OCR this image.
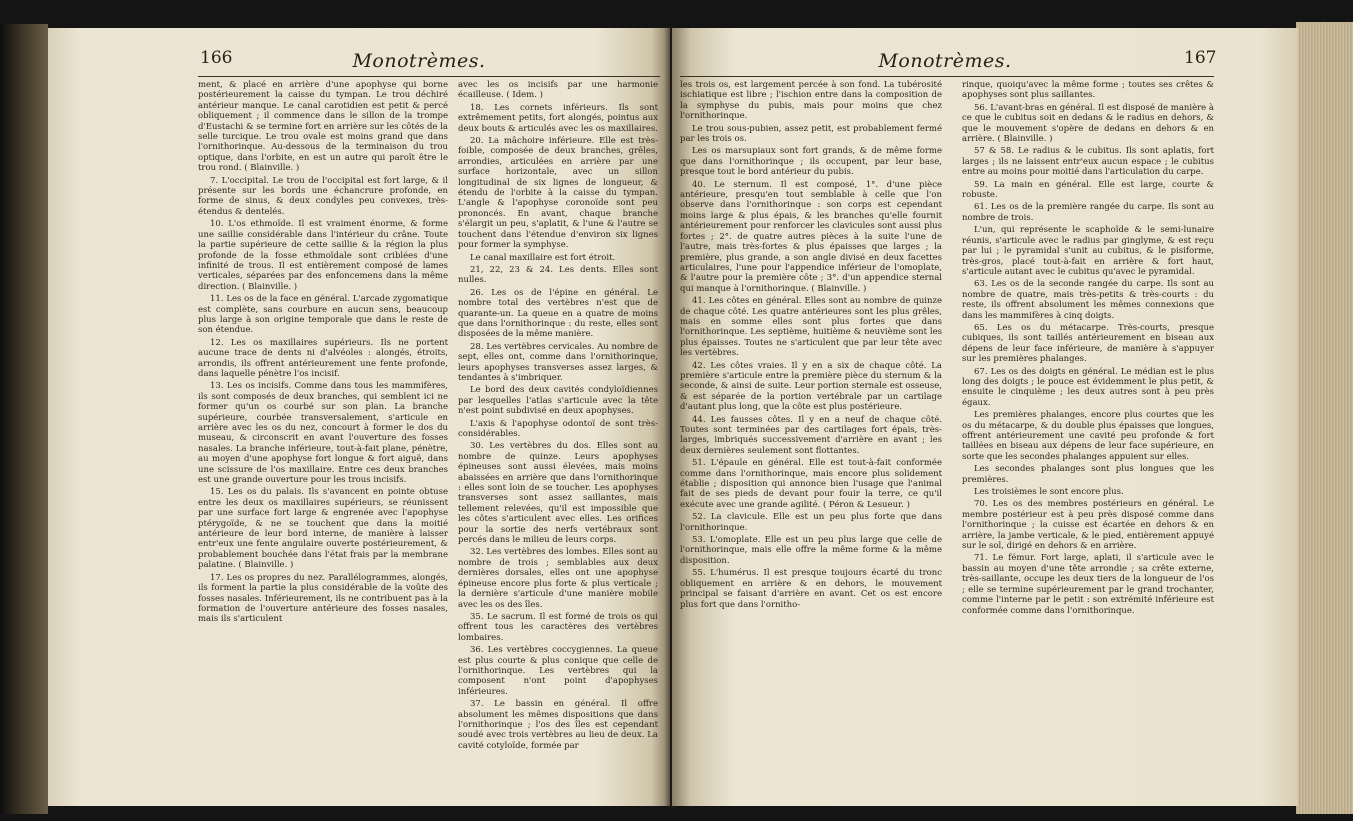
166	Monotrèmes.

ment, & placé en arrière d'une apophyse qui borne postérieurement la caisse du tympan. Le trou déchiré antérieur manque. Le canal carotidien est petit & percé obliquement ; il commence dans le sillon de la trompe d'Eustachi & se termine fort en arrière sur les côtés de la selle turcique. Le trou ovale est moins grand que dans l'ornithorinque. Au-dessous de la terminaison du trou optique, dans l'orbite, en est un autre qui paroît être le trou rond. ( Blainville. )

7. L'occipital. Le trou de l'occipital est fort large, & il présente sur les bords une échancrure profonde, en forme de sinus, & deux condyles peu convexes, très-étendus & dentelés.

10. L'os ethmoïde. Il est vraiment énorme, & forme une saillie considérable dans l'intérieur du crâne. Toute la partie supérieure de cette saillie & la région la plus profonde de la fosse ethmoïdale sont criblées d'une infinité de trous. Il est entièrement composé de lames verticales, séparées par des enfoncemens dans la même direction. ( Blainville. )

11. Les os de la face en général. L'arcade zygomatique est complète, sans courbure en aucun sens, beaucoup plus large à son origine temporale que dans le reste de son étendue.

12. Les os maxillaires supérieurs. Ils ne portent aucune trace de dents ni d'alvéoles : alongés, étroits, arrondis, ils offrent antérieurement une fente profonde, dans laquelle pénètre l'os incisif.

13. Les os incisifs. Comme dans tous les mammifères, ils sont composés de deux branches, qui semblent ici ne former qu'un os courbé sur son plan. La branche supérieure, courbée transversalement, s'articule en arrière avec les os du nez, concourt à former le dos du museau, & circonscrit en avant l'ouverture des fosses nasales. La branche inférieure, tout-à-fait plane, pénètre, au moyen d'une apophyse fort longue & fort aiguë, dans une scissure de l'os maxillaire. Entre ces deux branches est une grande ouverture pour les trous incisifs.

15. Les os du palais. Ils s'avancent en pointe obtuse entre les deux os maxillaires supérieurs, se réunissent par une surface fort large & engrenée avec l'apophyse ptérygoïde, & ne se touchent que dans la moitié antérieure de leur bord interne, de manière à laisser entr'eux une fente angulaire ouverte postérieurement, & probablement bouchée dans l'état frais par la membrane palatine. ( Blainville. )

17. Les os propres du nez. Parallélogrammes, alongés, ils forment la partie la plus considérable de la voûte des fosses nasales. Inférieurement, ils ne contribuent pas à la formation de l'ouverture antérieure des fosses nasales, mais ils s'articulent

avec les os incisifs par une harmonie écailleuse. ( Idem. )

18. Les cornets inférieurs. Ils sont extrêmement petits, fort alongés, pointus aux deux bouts & articulés avec les os maxillaires.

20. La mâchoire inférieure. Elle est très-foible, composée de deux branches, grêles, arrondies, articulées en arrière par une surface horizontale, avec un sillon longitudinal de six lignes de longueur, & étendu de l'orbite à la caisse du tympan. L'angle & l'apophyse coronoïde sont peu prononcés. En avant, chaque branche s'élargit un peu, s'aplatit, & l'une & l'autre se touchent dans l'étendue d'environ six lignes pour former la symphyse.

Le canal maxillaire est fort étroit.

21, 22, 23 & 24. Les dents. Elles sont nulles.

26. Les os de l'épine en général. Le nombre total des vertèbres n'est que de quarante-un. La queue en a quatre de moins que dans l'ornithorinque : du reste, elles sont disposées de la même manière.

28. Les vertèbres cervicales. Au nombre de sept, elles ont, comme dans l'ornithorinque, leurs apophyses transverses assez larges, & tendantes à s'imbriquer.

Le bord des deux cavités condyloïdiennes par lesquelles l'atlas s'articule avec la tête n'est point subdivisé en deux apophyses.

L'axis & l'apophyse odontoï de sont très-considérables.

30. Les vertèbres du dos. Elles sont au nombre de quinze. Leurs apophyses épineuses sont aussi élevées, mais moins abaissées en arrière que dans l'ornithorinque : elles sont loin de se toucher. Les apophyses transverses sont assez saillantes, mais tellement relevées, qu'il est impossible que les côtes s'articulent avec elles. Les orifices pour la sortie des nerfs vertébraux sont percés dans le milieu de leurs corps.

32. Les vertèbres des lombes. Elles sont au nombre de trois ; semblables aux deux dernières dorsales, elles ont une apophyse épineuse encore plus forte & plus verticale ; la dernière s'articule d'une manière mobile avec les os des îles.

35. Le sacrum. Il est formé de trois os qui offrent tous les caractères des vertèbres lombaires.

36. Les vertèbres coccygiennes. La queue est plus courte & plus conique que celle de l'ornithorinque. Les vertèbres qui la composent n'ont point d'apophyses inférieures.

37. Le bassin en général. Il offre absolument les mêmes dispositions que dans l'ornithorinque ; l'os des îles est cependant soudé avec trois vertèbres au lieu de deux. La cavité cotyloïde, formée par

Monotrèmes.	167

les trois os, est largement percée à son fond. La tubérosité ischiatique est libre ; l'ischion entre dans la composition de la symphyse du pubis, mais pour moins que chez l'ornithorinque.

Le trou sous-pubien, assez petit, est probablement fermé par les trois os.

Les os marsupiaux sont fort grands, & de même forme que dans l'ornithorinque ; ils occupent, par leur base, presque tout le bord antérieur du pubis.

40. Le sternum. Il est composé, 1°. d'une pièce antérieure, presqu'en tout semblable à celle que l'on observe dans l'ornithorinque : son corps est cependant moins large & plus épais, & les branches qu'elle fournit antérieurement pour renforcer les clavicules sont aussi plus fortes ; 2°. de quatre autres pièces à la suite l'une de l'autre, mais très-fortes & plus épaisses que larges ; la première, plus grande, a son angle divisé en deux facettes articulaires, l'une pour l'appendice inférieur de l'omoplate, & l'autre pour la première côte ; 3°. d'un appendice sternal qui manque à l'ornithorinque. ( Blainville. )

41. Les côtes en général. Elles sont au nombre de quinze de chaque côté. Les quatre antérieures sont les plus grêles, mais en somme elles sont plus fortes que dans l'ornithorinque. Les septième, huitième & neuvième sont les plus épaisses. Toutes ne s'articulent que par leur tête avec les vertèbres.

42. Les côtes vraies. Il y en a six de chaque côté. La première s'articule entre la première pièce du sternum & la seconde, & ainsi de suite. Leur portion sternale est osseuse, & est séparée de la portion vertébrale par un cartilage d'autant plus long, que la côte est plus postérieure.

44. Les fausses côtes. Il y en a neuf de chaque côté. Toutes sont terminées par des cartilages fort épais, très-larges, imbriqués successivement d'arrière en avant ; les deux dernières seulement sont flottantes.

51. L'épaule en général. Elle est tout-à-fait conformée comme dans l'ornithorinque, mais encore plus solidement établie ; disposition qui annonce bien l'usage que l'animal fait de ses pieds de devant pour fouir la terre, ce qu'il exécute avec une grande agilité. ( Péron & Lesueur. )

52. La clavicule. Elle est un peu plus forte que dans l'ornithorinque.

53. L'omoplate. Elle est un peu plus large que celle de l'ornithorinque, mais elle offre la même forme & la même disposition.

55. L'humérus. Il est presque toujours écarté du tronc obliquement en arrière & en dehors, le mouvement principal se faisant d'arrière en avant. Cet os est encore plus fort que dans l'ornitho-

rinque, quoiqu'avec la même forme ; toutes ses crêtes & apophyses sont plus saillantes.

56. L'avant-bras en général. Il est disposé de manière à ce que le cubitus soit en dedans & le radius en dehors, & que le mouvement s'opère de dedans en dehors & en arrière. ( Blainville. )

57 & 58. Le radius & le cubitus. Ils sont aplatis, fort larges ; ils ne laissent entr'eux aucun espace ; le cubitus entre au moins pour moitié dans l'articulation du carpe.

59. La main en général. Elle est large, courte & robuste.

61. Les os de la première rangée du carpe. Ils sont au nombre de trois.

L'un, qui représente le scaphoïde & le semi-lunaire réunis, s'articule avec le radius par ginglyme, & est reçu par lui ; le pyramidal s'unit au cubitus, & le pisiforme, très-gros, placé tout-à-fait en arrière & fort haut, s'articule autant avec le cubitus qu'avec le pyramidal.

63. Les os de la seconde rangée du carpe. Ils sont au nombre de quatre, mais très-petits & très-courts : du reste, ils offrent absolument les mêmes connexions que dans les mammifères à cinq doigts.

65. Les os du métacarpe. Très-courts, presque cubiques, ils sont taillés antérieurement en biseau aux dépens de leur face inférieure, de manière à s'appuyer sur les premières phalanges.

67. Les os des doigts en général. Le médian est le plus long des doigts ; le pouce est évidemment le plus petit, & ensuite le cinquième ; les deux autres sont à peu près égaux.

Les premières phalanges, encore plus courtes que les os du métacarpe, & du double plus épaisses que longues, offrent antérieurement une cavité peu profonde & fort taillées en biseau aux dépens de leur face supérieure, en sorte que les secondes phalanges appuient sur elles.

Les secondes phalanges sont plus longues que les premières.

Les troisièmes le sont encore plus.

70. Les os des membres postérieurs en général. Le membre postérieur est à peu près disposé comme dans l'ornithorinque ; la cuisse est écartée en dehors & en arrière, la jambe verticale, & le pied, entièrement appuyé sur le sol, dirigé en dehors & en arrière.

71. Le fémur. Fort large, aplati, il s'articule avec le bassin au moyen d'une tête arrondie ; sa crête externe, très-saillante, occupe les deux tiers de la longueur de l'os ; elle se termine supérieurement par le grand trochanter, comme l'interne par le petit : son extrémité inférieure est conformée comme dans l'ornithorinque.
